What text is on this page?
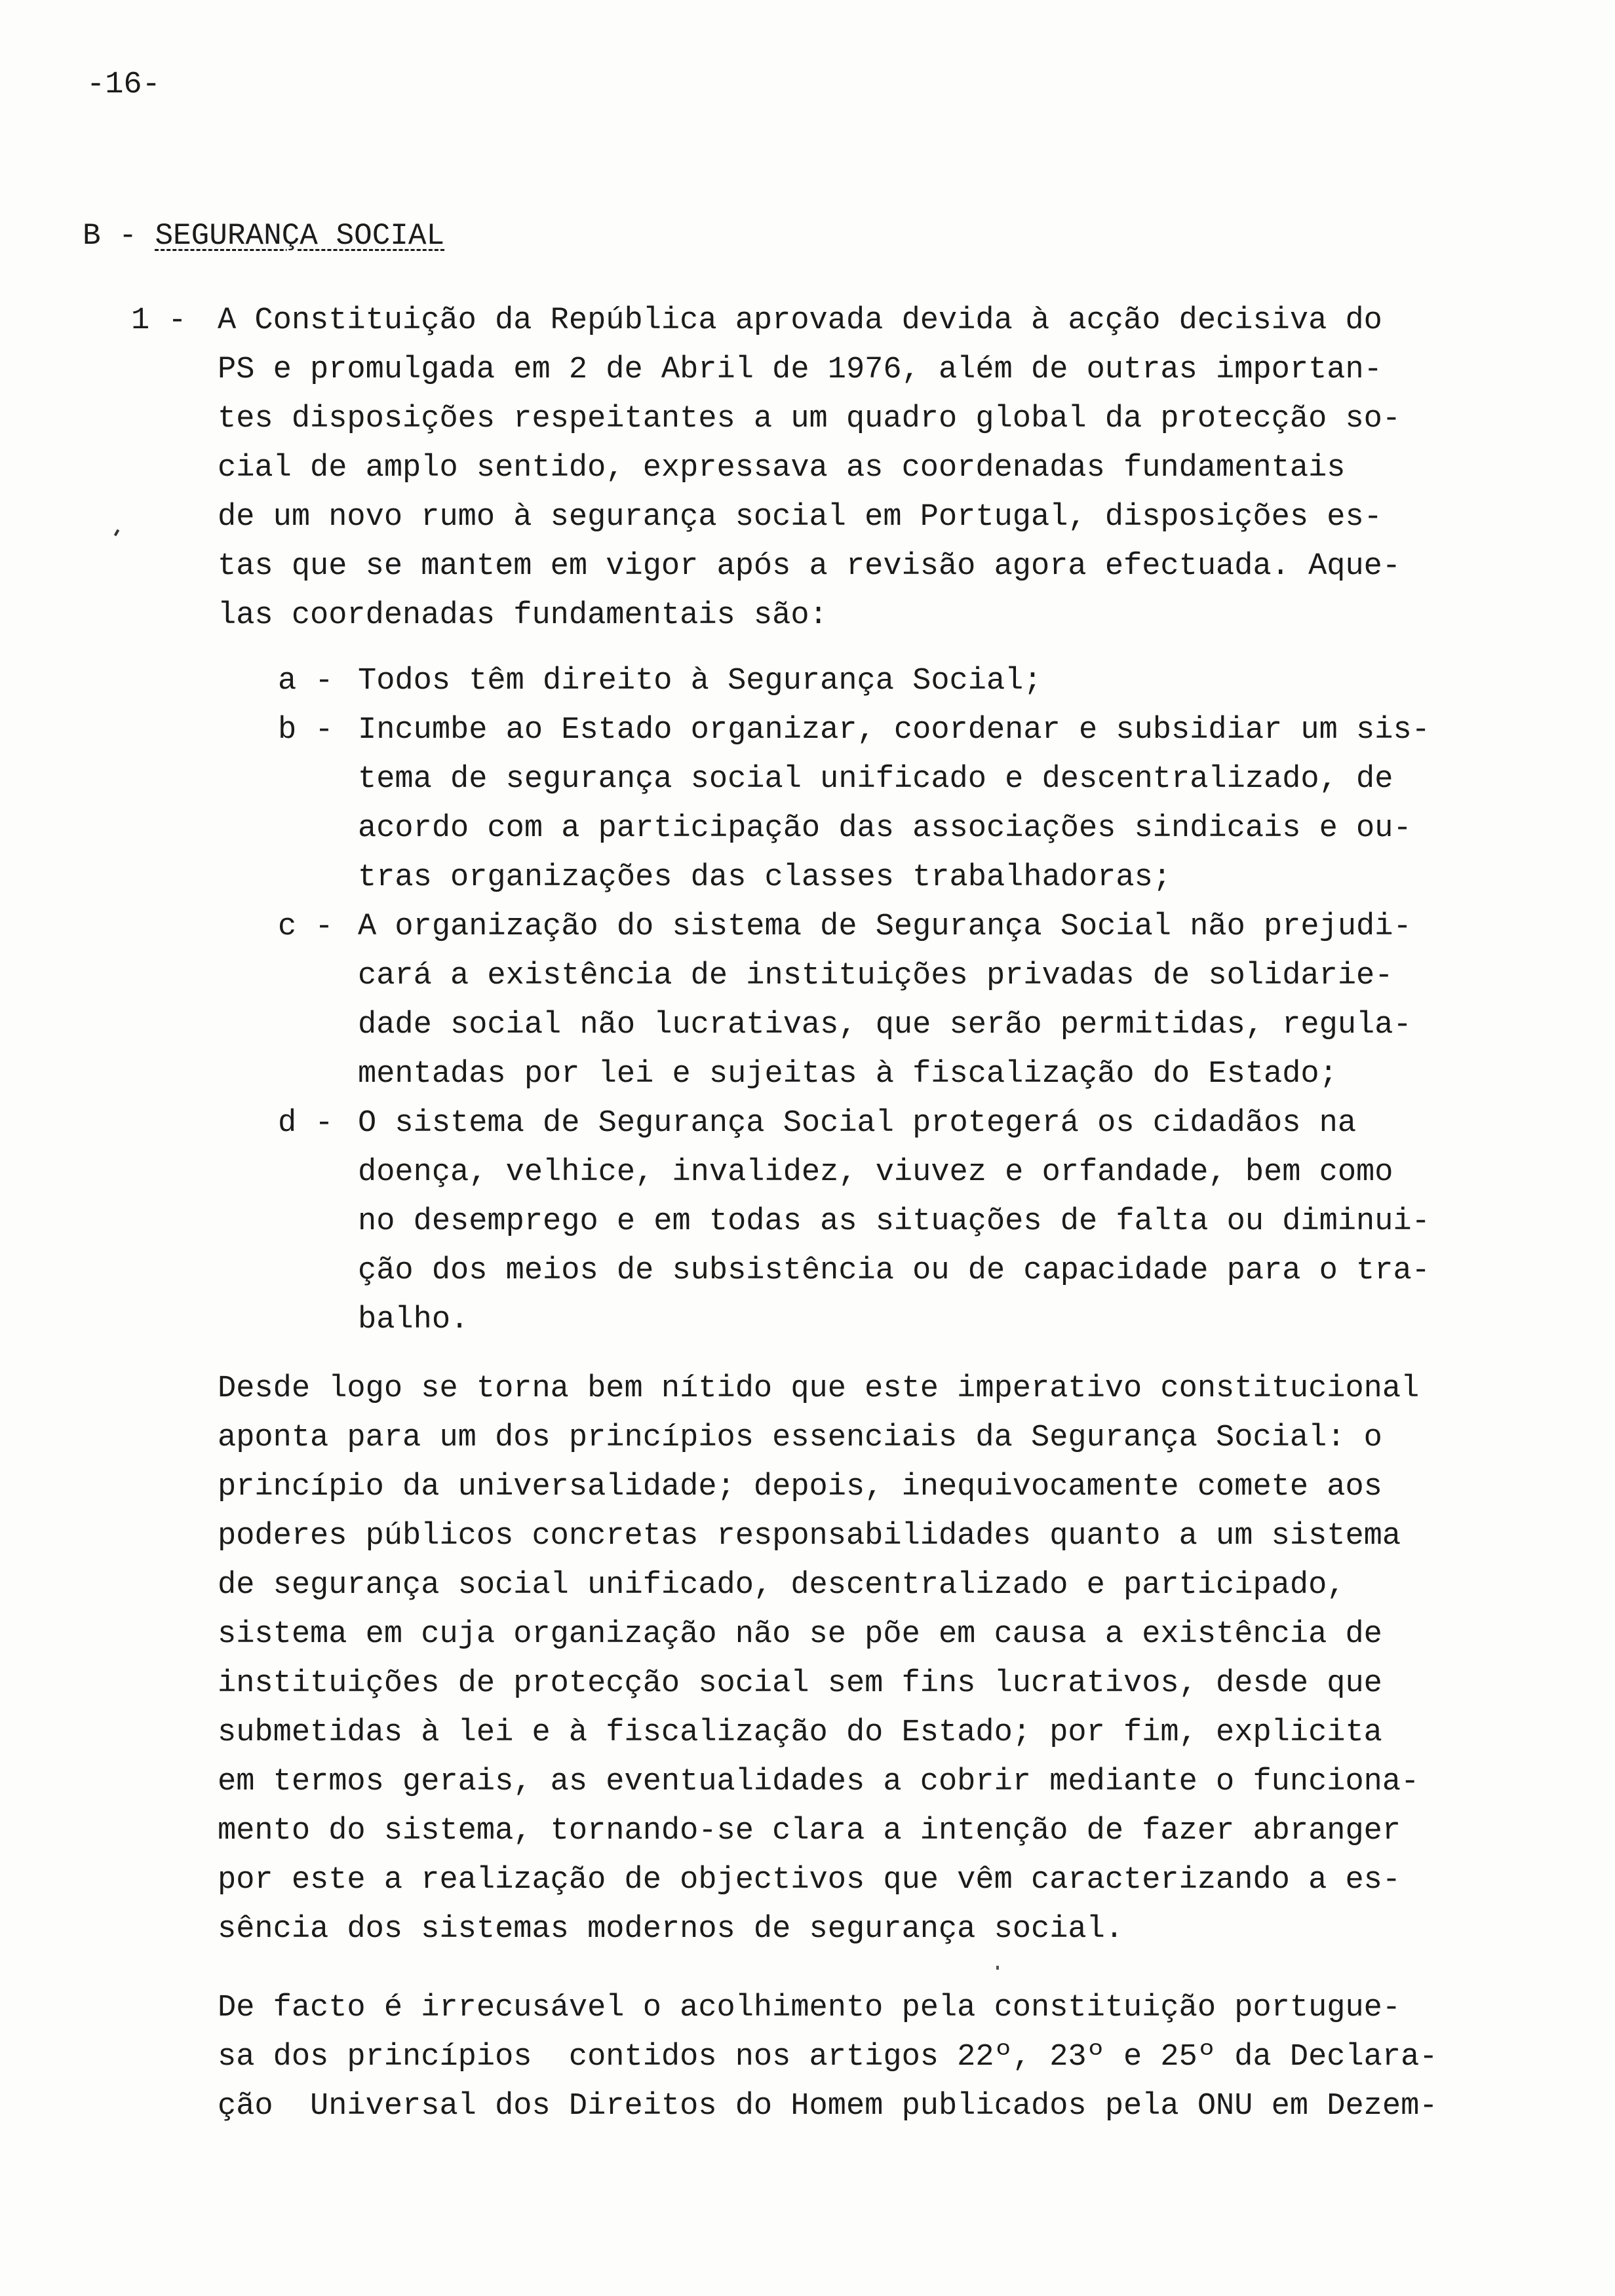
-16-
B - SEGURANÇA SOCIAL
1 - A Constituição da República aprovada devida à acção decisiva do
PS e promulgada em 2 de Abril de 1976, além de outras importan-
tes disposições respeitantes a um quadro global da protecção so-
cial de amplo sentido, expressava as coordenadas fundamentais
de um novo rumo à segurança social em Portugal, disposições es-
tas que se mantem em vigor após a revisão agora efectuada. Aque-
las coordenadas fundamentais são:
a - Todos têm direito à Segurança Social;
b - Incumbe ao Estado organizar, coordenar e subsidiar um sis-
tema de segurança social unificado e descentralizado, de
acordo com a participação das associações sindicais e ou-
tras organizações das classes trabalhadoras;
c - A organização do sistema de Segurança Social não prejudi-
cará a existência de instituições privadas de solidarie-
dade social não lucrativas, que serão permitidas, regula-
mentadas por lei e sujeitas à fiscalização do Estado;
d - O sistema de Segurança Social protegerá os cidadãos na
doença, velhice, invalidez, viuvez e orfandade, bem como
no desemprego e em todas as situações de falta ou diminui-
ção dos meios de subsistência ou de capacidade para o tra-
balho.
Desde logo se torna bem nítido que este imperativo constitucional
aponta para um dos princípios essenciais da Segurança Social: o
princípio da universalidade; depois, inequivocamente comete aos
poderes públicos concretas responsabilidades quanto a um sistema
de segurança social unificado, descentralizado e participado,
sistema em cuja organização não se põe em causa a existência de
instituições de protecção social sem fins lucrativos, desde que
submetidas à lei e à fiscalização do Estado; por fim, explicita
em termos gerais, as eventualidades a cobrir mediante o funciona-
mento do sistema, tornando-se clara a intenção de fazer abranger
por este a realização de objectivos que vêm caracterizando a es-
sência dos sistemas modernos de segurança social.
De facto é irrecusável o acolhimento pela constituição portugue-
sa dos princípios  contidos nos artigos 22º, 23º e 25º da Declara-
ção  Universal dos Direitos do Homem publicados pela ONU em Dezem-
